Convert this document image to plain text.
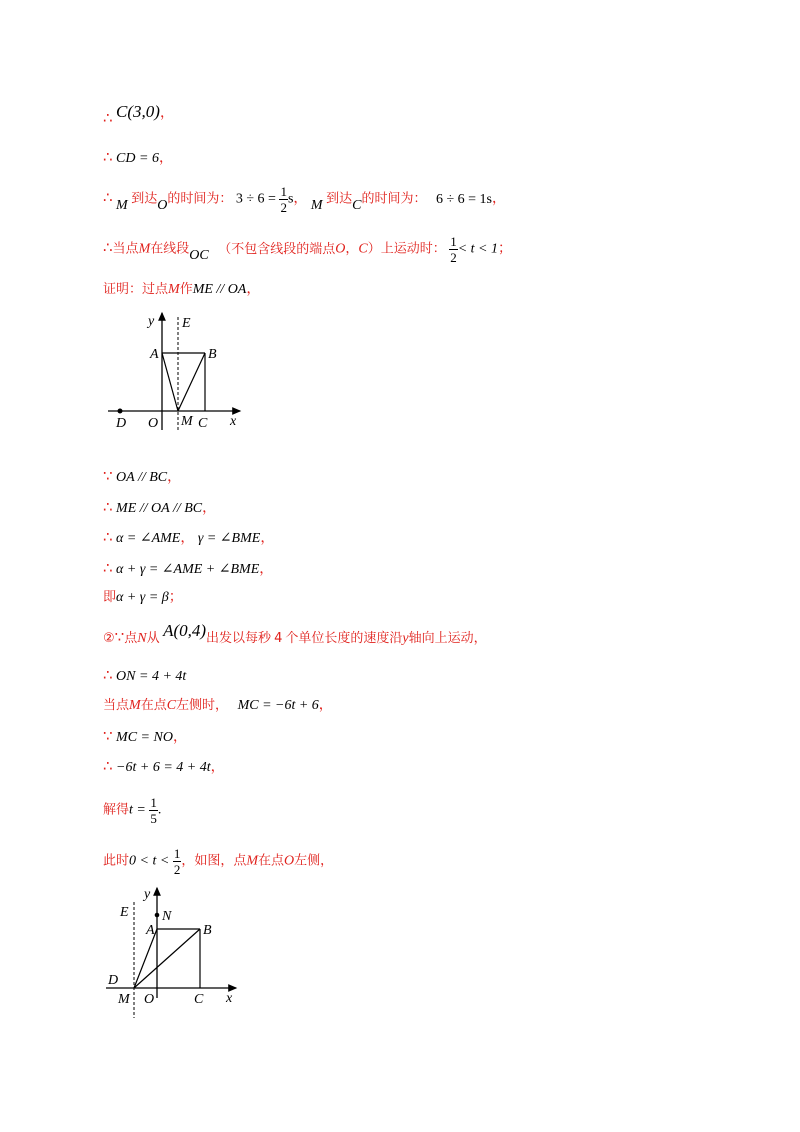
∴ C(3,0)，
∴ CD = 6，
∴ M 到达O的时间为： $3 \div 6 = \frac{1}{2}$ s， M 到达C的时间为： 6 ÷ 6 = 1s，
∴当点M在线段OC （不包含线段的端点O，C）上运动时： $\frac{1}{2} < t < 1$；
证明：过点M作ME // OA，
y E
A	B
D O M C x
∵ OA // BC，
∴ ME // OA // BC，
∴ α = ∠AME， γ = ∠BME，
∴ α + γ = ∠AME + ∠BME，
即α + γ = β；
②∵点N从 A(0,4)出发以每秒 4 个单位长度的速度沿y轴向上运动，
∴ ON = 4 + 4t
当点M在点C左侧时， MC = −6t + 6，
∵ MC = NO，
∴ −6t + 6 = 4 + 4t，
解得$t = \frac{1}{5}$ .
此时$0 < t < \frac{1}{2}$ ，如图，点M在点O左侧，
y
E N
A	B
D
M O	C x
